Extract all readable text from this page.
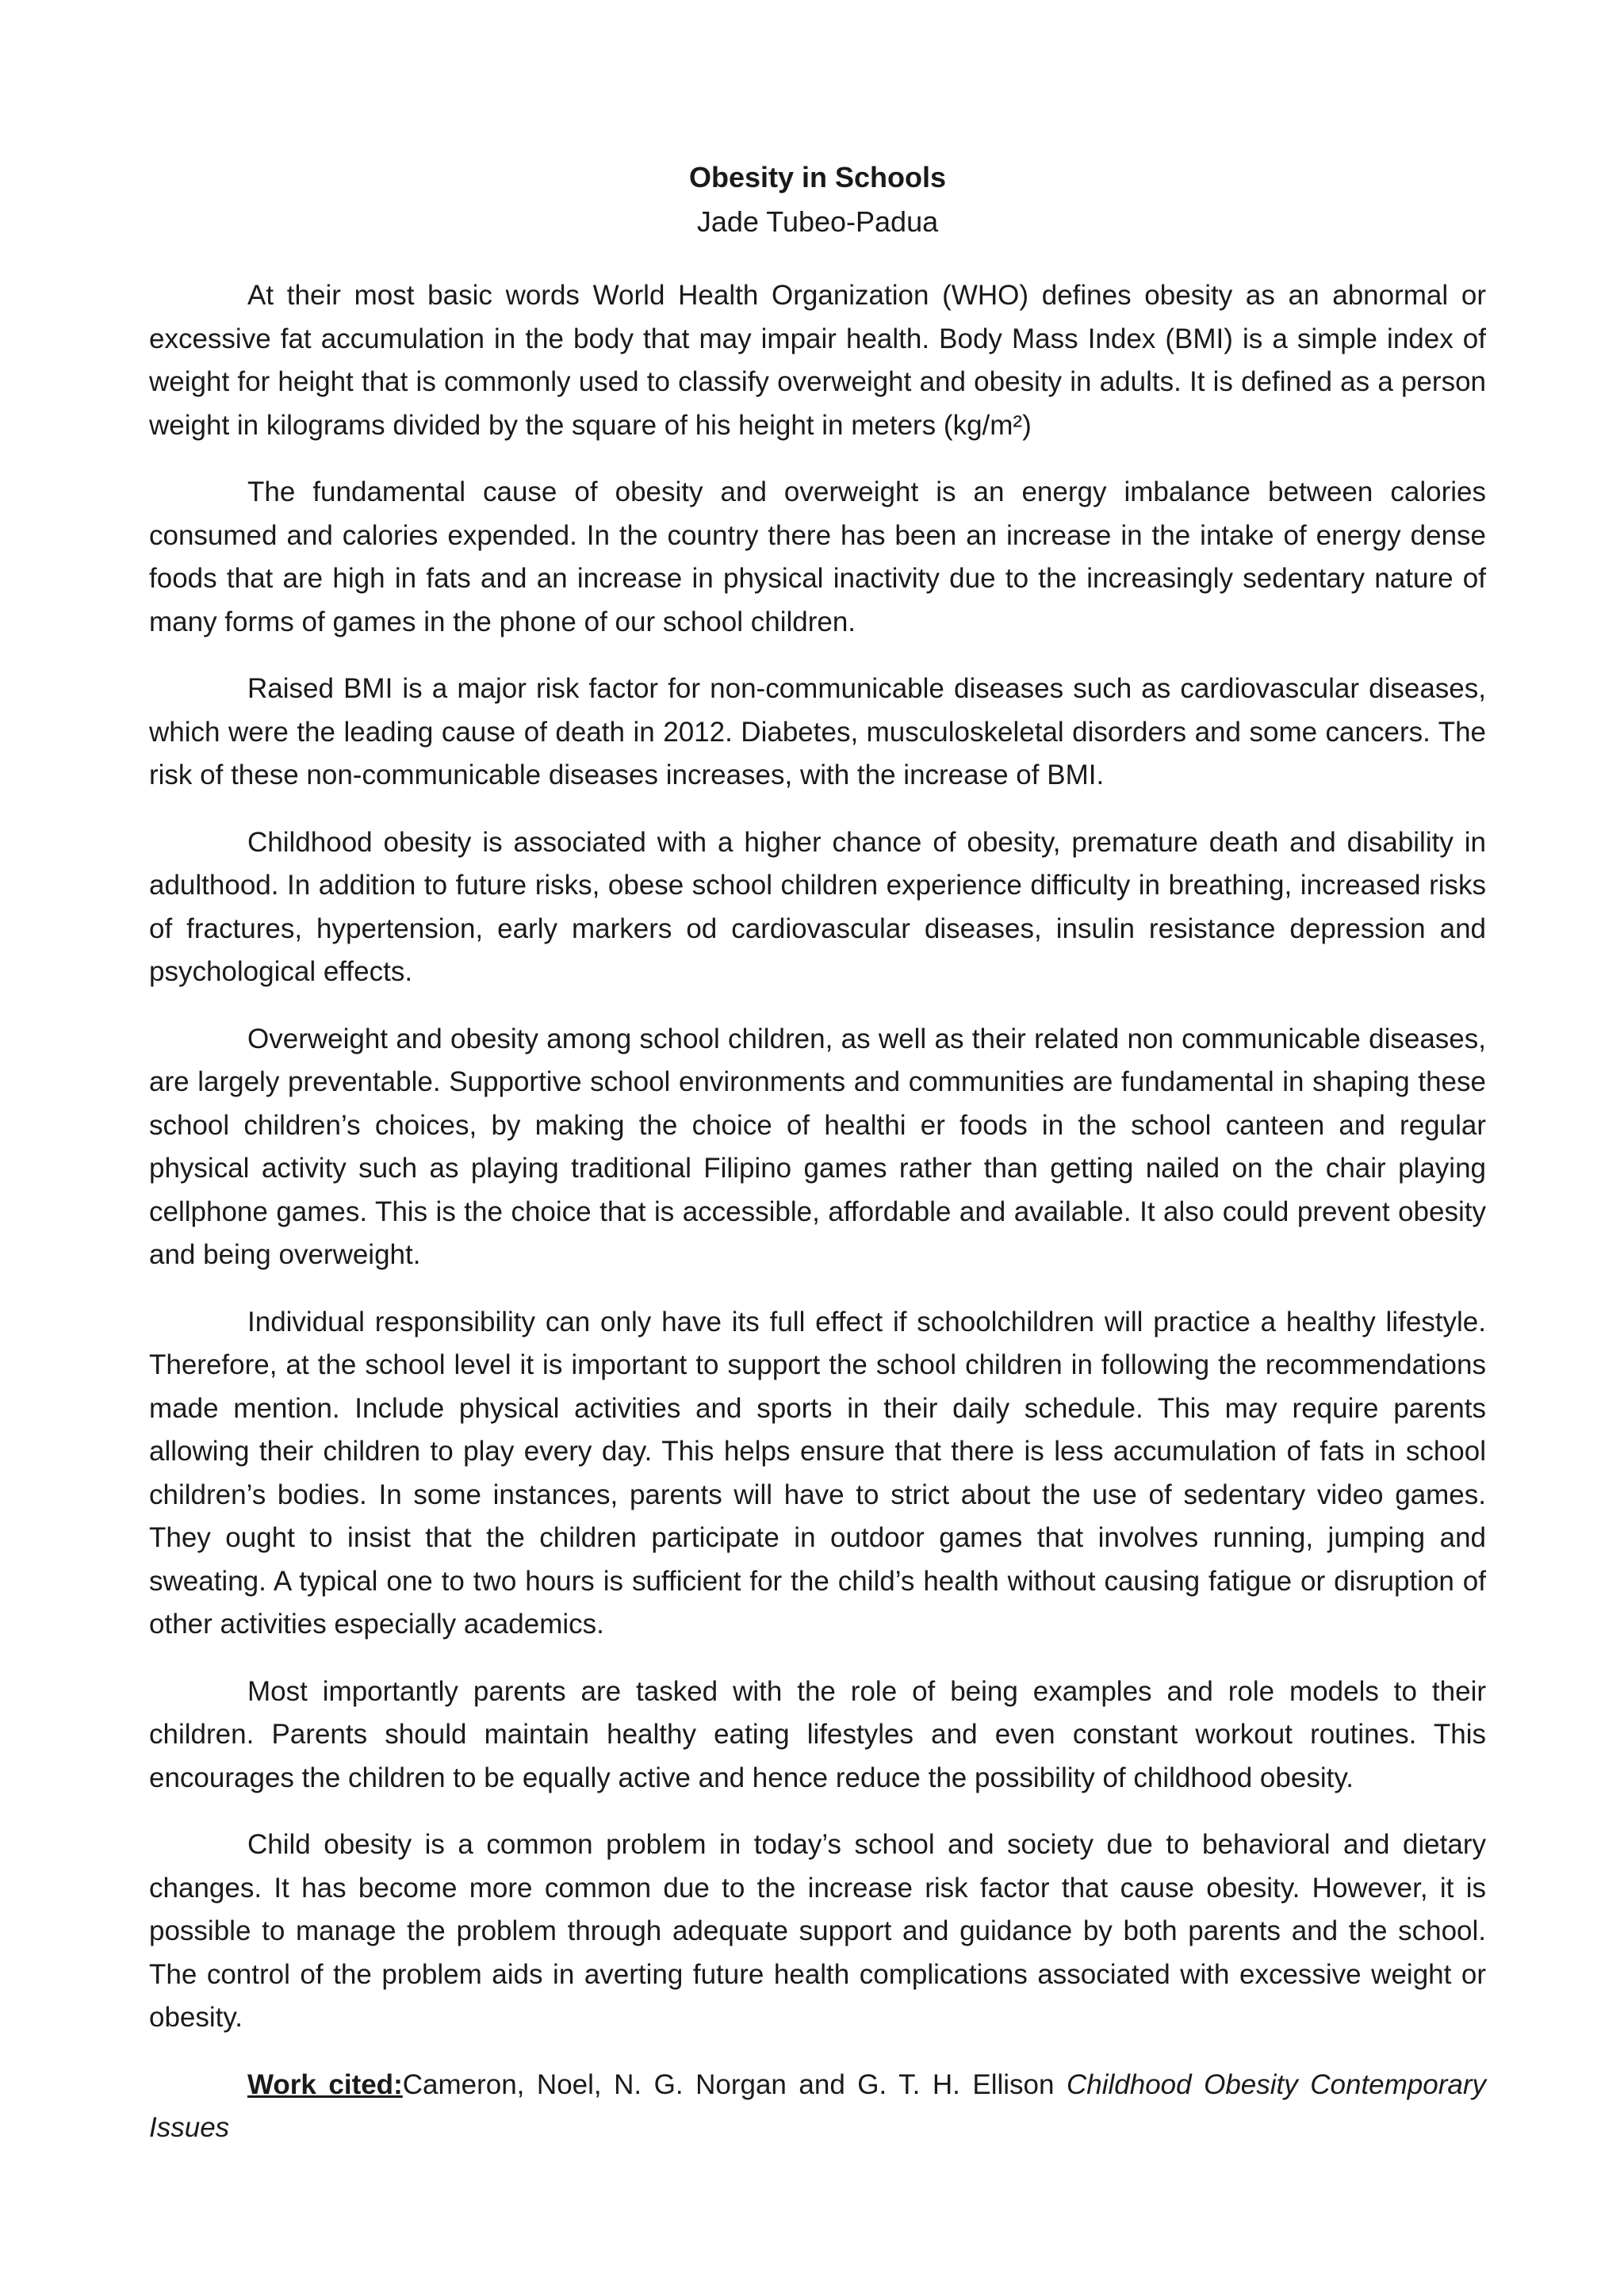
Obesity in Schools
Jade Tubeo-Padua

At their most basic words World Health Organization (WHO) defines obesity as an abnormal or excessive fat accumulation in the body that may impair health. Body Mass Index (BMI) is a simple index of weight for height that is commonly used to classify overweight and obesity in adults. It is defined as a person weight in kilograms divided by the square of his height in meters (kg/m²)

The fundamental cause of obesity and overweight is an energy imbalance between calories consumed and calories expended. In the country there has been an increase in the intake of energy dense foods that are high in fats and an increase in physical inactivity due to the increasingly sedentary nature of many forms of games in the phone of our school children.

Raised BMI is a major risk factor for non-communicable diseases such as cardiovascular diseases, which were the leading cause of death in 2012. Diabetes, musculoskeletal disorders and some cancers. The risk of these non-communicable diseases increases, with the increase of BMI.

Childhood obesity is associated with a higher chance of obesity, premature death and disability in adulthood. In addition to future risks, obese school children experience difficulty in breathing, increased risks of fractures, hypertension, early markers od cardiovascular diseases, insulin resistance depression and psychological effects.

Overweight and obesity among school children, as well as their related non communicable diseases, are largely preventable. Supportive school environments and communities are fundamental in shaping these school children’s choices, by making the choice of healthi er foods in the school canteen and regular physical activity such as playing traditional Filipino games rather than getting nailed on the chair playing cellphone games. This is the choice that is accessible, affordable and available. It also could prevent obesity and being overweight.

Individual responsibility can only have its full effect if schoolchildren will practice a healthy lifestyle. Therefore, at the school level it is important to support the school children in following the recommendations made mention. Include physical activities and sports in their daily schedule. This may require parents allowing their children to play every day. This helps ensure that there is less accumulation of fats in school children’s bodies. In some instances, parents will have to strict about the use of sedentary video games. They ought to insist that the children participate in outdoor games that involves running, jumping and sweating. A typical one to two hours is sufficient for the child’s health without causing fatigue or disruption of other activities especially academics.

Most importantly parents are tasked with the role of being examples and role models to their children. Parents should maintain healthy eating lifestyles and even constant workout routines. This encourages the children to be equally active and hence reduce the possibility of childhood obesity.

Child obesity is a common problem in today’s school and society due to behavioral and dietary changes. It has become more common due to the increase risk factor that cause obesity. However, it is possible to manage the problem through adequate support and guidance by both parents and the school. The control of the problem aids in averting future health complications associated with excessive weight or obesity.

Work cited:Cameron, Noel, N. G. Norgan and G. T. H. Ellison Childhood Obesity Contemporary Issues
